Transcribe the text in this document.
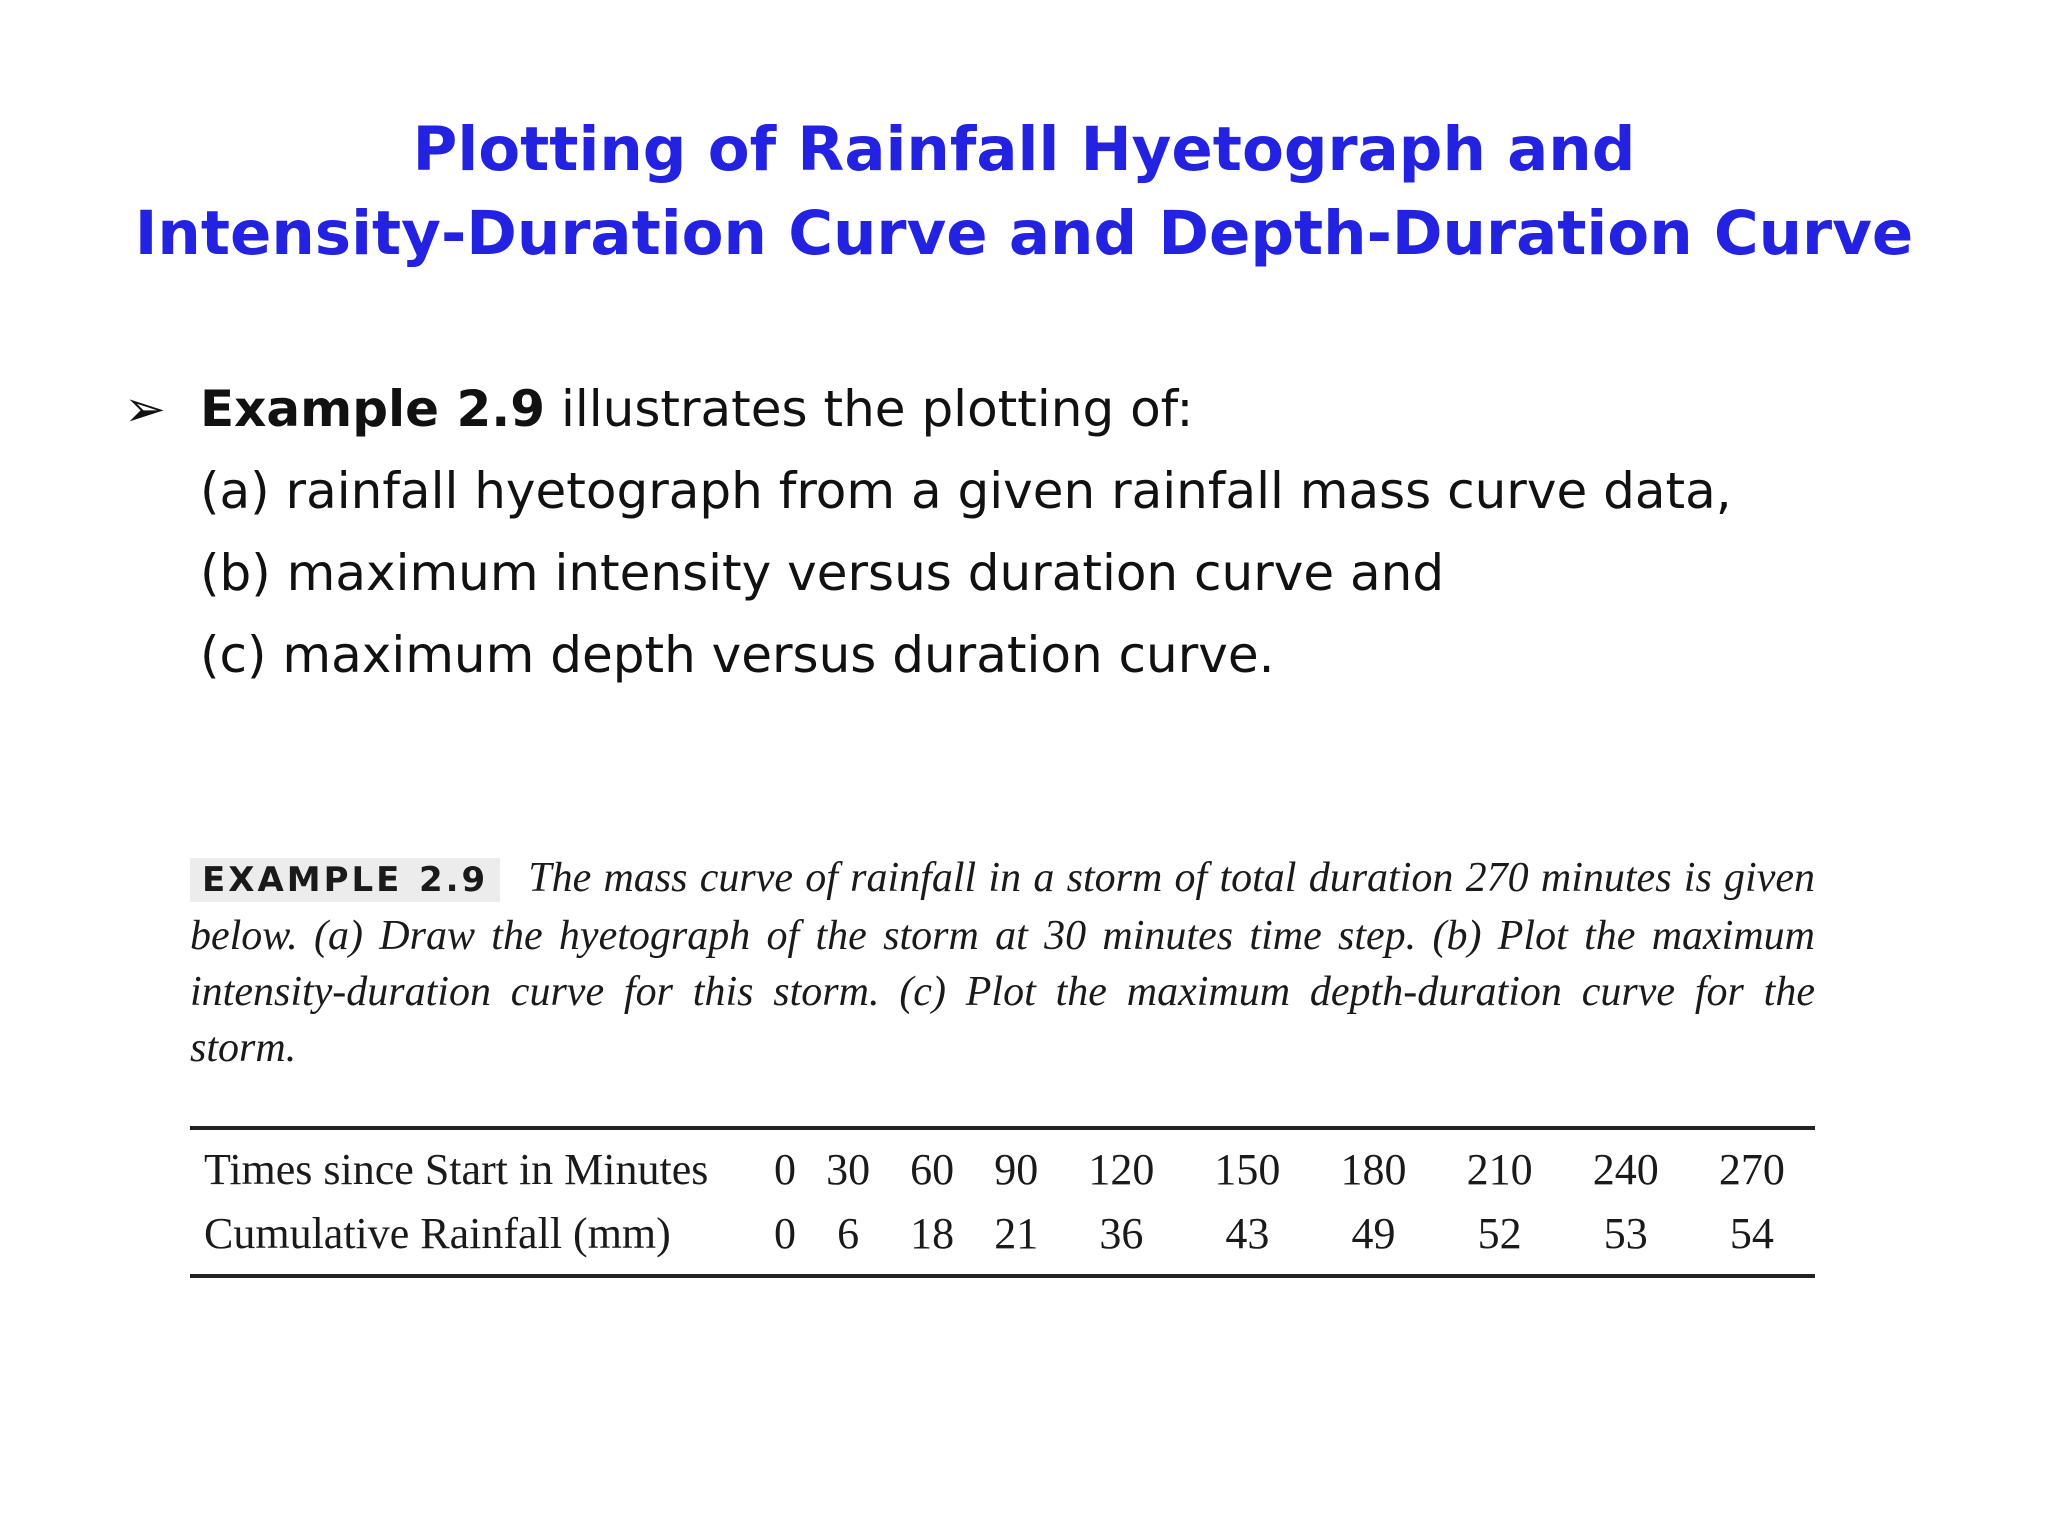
Plotting of Rainfall Hyetograph and
Intensity-Duration Curve and Depth-Duration Curve
➢ Example 2.9 illustrates the plotting of:
(a) rainfall hyetograph from a given rainfall mass curve data,
(b) maximum intensity versus duration curve and
(c) maximum depth versus duration curve.
EXAMPLE 2.9 The mass curve of rainfall in a storm of total duration 270 minutes is given below. (a) Draw the hyetograph of the storm at 30 minutes time step. (b) Plot the maximum intensity-duration curve for this storm. (c) Plot the maximum depth-duration curve for the storm.
Times since Start in Minutes	0	30	60	90	120	150	180	210	240	270
Cumulative Rainfall (mm)	0	6	18	21	36	43	49	52	53	54
